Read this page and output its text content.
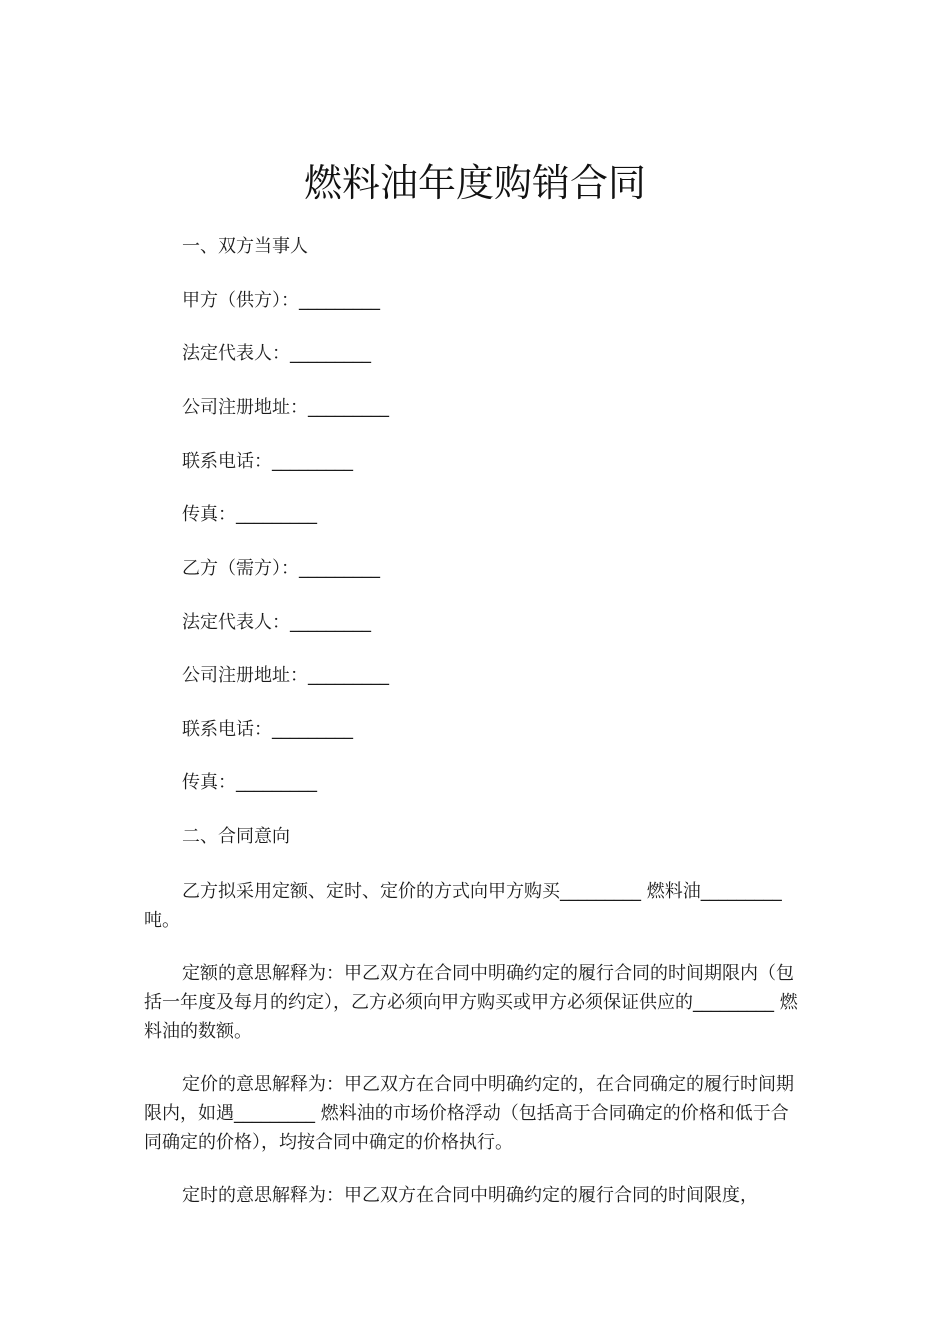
燃料油年度购销合同

一、双方当事人

甲方（供方）：_________

法定代表人：_________

公司注册地址：_________

联系电话：_________

传真：_________

乙方（需方）：_________

法定代表人：_________

公司注册地址：_________

联系电话：_________

传真：_________

二、合同意向

乙方拟采用定额、定时、定价的方式向甲方购买_________ 燃料油_________ 吨。

定额的意思解释为：甲乙双方在合同中明确约定的履行合同的时间期限内（包括一年度及每月的约定），乙方必须向甲方购买或甲方必须保证供应的_________ 燃料油的数额。

定价的意思解释为：甲乙双方在合同中明确约定的，在合同确定的履行时间期限内，如遇_________ 燃料油的市场价格浮动（包括高于合同确定的价格和低于合同确定的价格），均按合同中确定的价格执行。

定时的意思解释为：甲乙双方在合同中明确约定的履行合同的时间限度，
